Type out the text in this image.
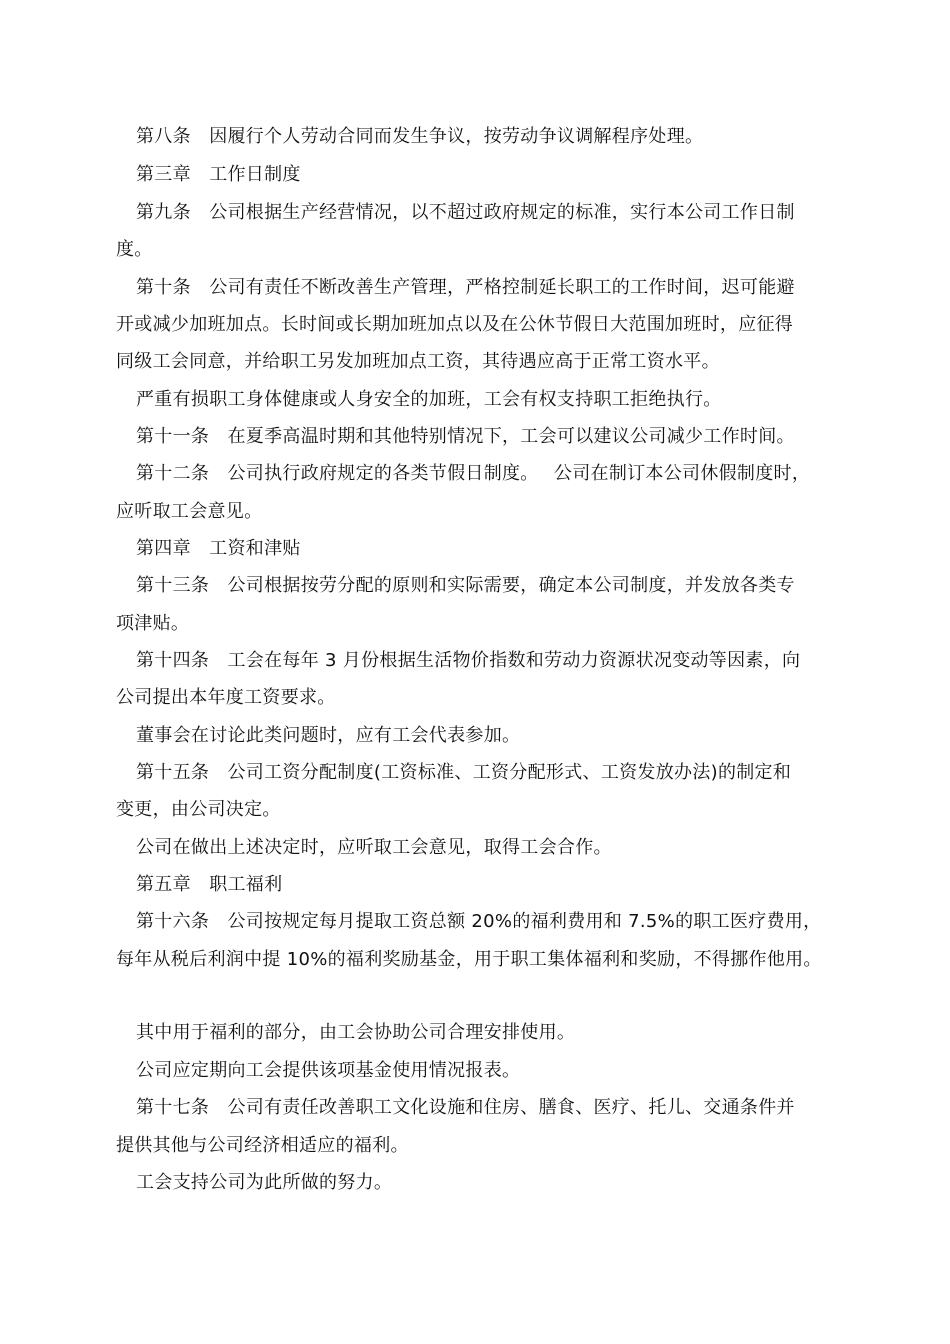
第八条　因履行个人劳动合同而发生争议，按劳动争议调解程序处理。
第三章　工作日制度
第九条　公司根据生产经营情况，以不超过政府规定的标准，实行本公司工作日制
度。
第十条　公司有责任不断改善生产管理，严格控制延长职工的工作时间，迟可能避
开或减少加班加点。长时间或长期加班加点以及在公休节假日大范围加班时，应征得
同级工会同意，并给职工另发加班加点工资，其待遇应高于正常工资水平。
严重有损职工身体健康或人身安全的加班，工会有权支持职工拒绝执行。
第十一条　在夏季高温时期和其他特别情况下，工会可以建议公司减少工作时间。
第十二条　公司执行政府规定的各类节假日制度。　 公司在制订本公司休假制度时，
应听取工会意见。
第四章　工资和津贴
第十三条　公司根据按劳分配的原则和实际需要，确定本公司制度，并发放各类专
项津贴。
第十四条　工会在每年 3 月份根据生活物价指数和劳动力资源状况变动等因素，向
公司提出本年度工资要求。
董事会在讨论此类问题时，应有工会代表参加。
第十五条　公司工资分配制度(工资标准、工资分配形式、工资发放办法)的制定和
变更，由公司决定。
公司在做出上述决定时，应听取工会意见，取得工会合作。
第五章　职工福利
第十六条　公司按规定每月提取工资总额 20%的福利费用和 7.5%的职工医疗费用，
每年从税后利润中提 10%的福利奖励基金，用于职工集体福利和奖励，不得挪作他用。
其中用于福利的部分，由工会协助公司合理安排使用。
公司应定期向工会提供该项基金使用情况报表。
第十七条　公司有责任改善职工文化设施和住房、膳食、医疗、托儿、交通条件并
提供其他与公司经济相适应的福利。
工会支持公司为此所做的努力。
